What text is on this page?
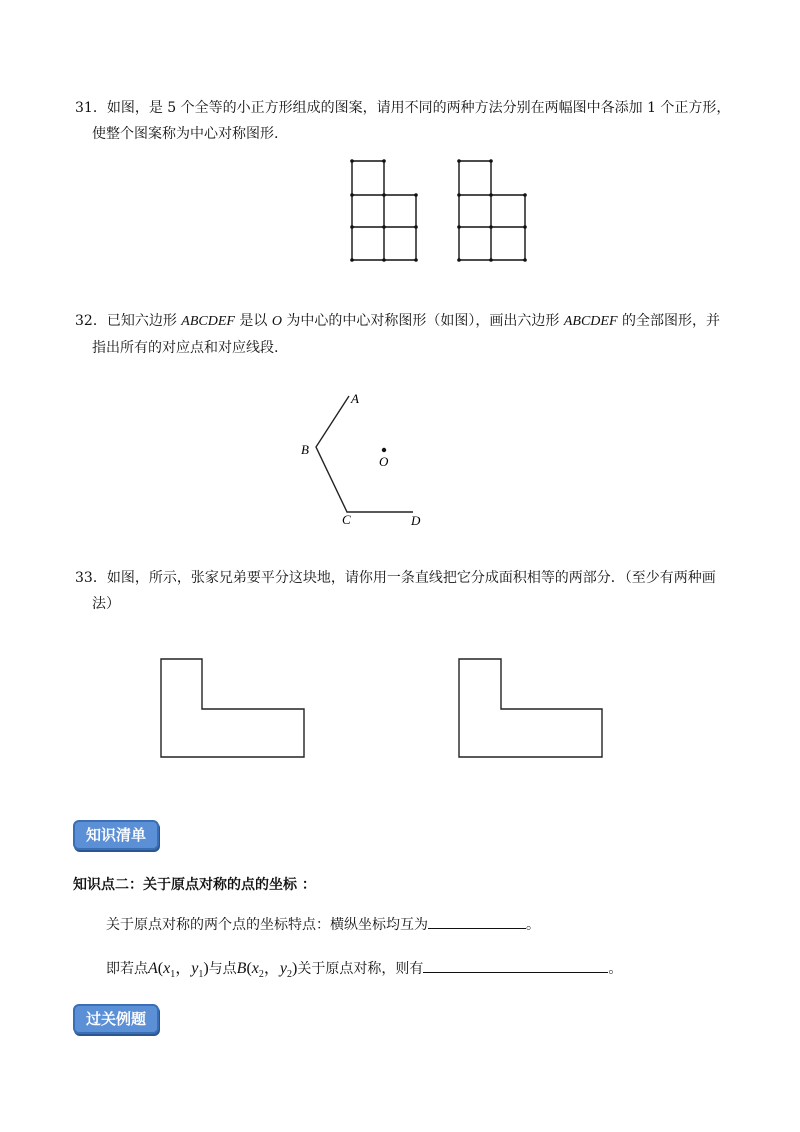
31．如图，是 5 个全等的小正方形组成的图案，请用不同的两种方法分别在两幅图中各添加 1 个正方形，
使整个图案称为中心对称图形.
32．已知六边形 ABCDEF 是以 O 为中心的中心对称图形（如图），画出六边形 ABCDEF 的全部图形，并
指出所有的对应点和对应线段.
A
B
O
C	D
33．如图，所示，张家兄弟要平分这块地，请你用一条直线把它分成面积相等的两部分．（至少有两种画
法）
知识清单
知识点二：关于原点对称的点的坐标 ：
关于原点对称的两个点的坐标特点：横纵坐标均互为	。
即若点$A(x_1$，$y_1$)与点$B(x_2$，$y_2$)关于原点对称，则有	。
过关例题
